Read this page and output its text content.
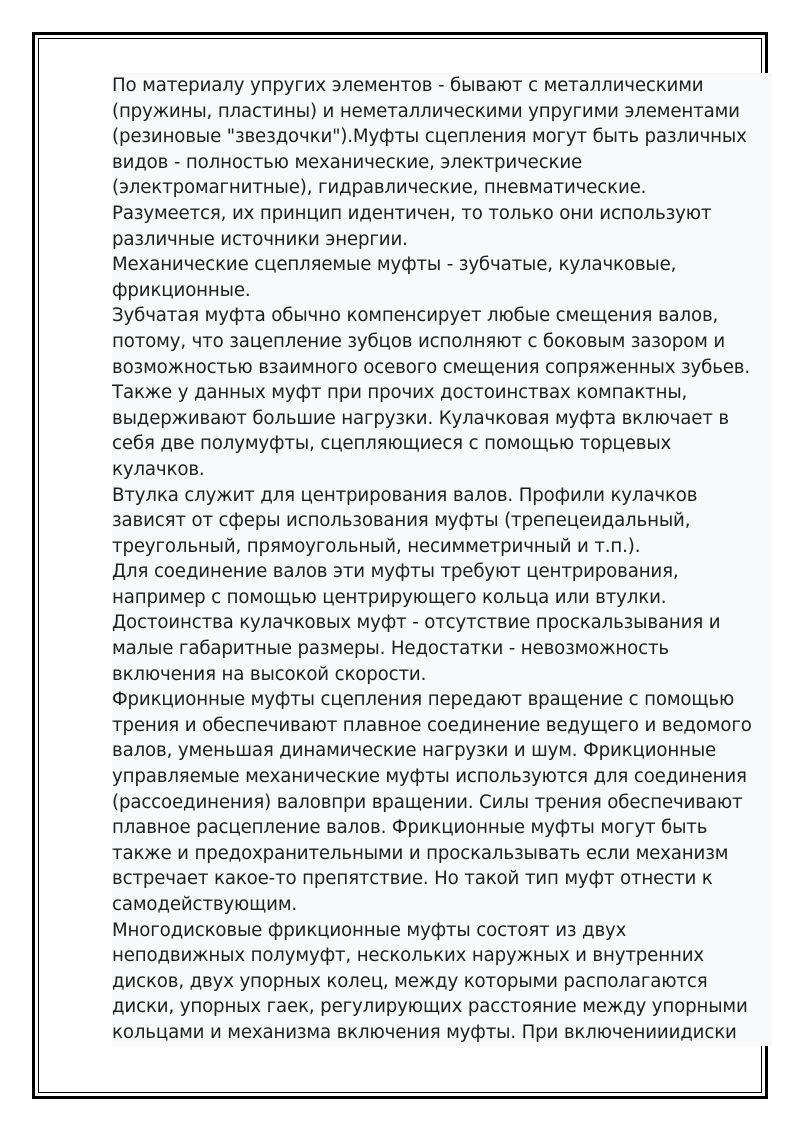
По материалу упругих элементов - бывают с металлическими
(пружины, пластины) и неметаллическими упругими элементами
(резиновые "звездочки").Муфты сцепления могут быть различных
видов - полностью механические, электрические
(электромагнитные), гидравлические, пневматические.
Разумеется, их принцип идентичен, то только они используют
различные источники энергии.

Механические сцепляемые муфты - зубчатые, кулачковые,
фрикционные.

Зубчатая муфта обычно компенсирует любые смещения валов,
потому, что зацепление зубцов исполняют с боковым зазором и
возможностью взаимного осевого смещения сопряженных зубьев.
Также у данных муфт при прочих достоинствах компактны,
выдерживают большие нагрузки. Кулачковая муфта включает в
себя две полумуфты, сцепляющиеся с помощью торцевых
кулачков.

Втулка служит для центрирования валов. Профили кулачков
зависят от сферы использования муфты (трепецеидальный,
треугольный, прямоугольный, несимметричный и т.п.).

Для соединение валов эти муфты требуют центрирования,
например с помощью центрирующего кольца или втулки.
Достоинства кулачковых муфт - отсутствие проскальзывания и
малые габаритные размеры. Недостатки - невозможность
включения на высокой скорости.

Фрикционные муфты сцепления передают вращение с помощью
трения и обеспечивают плавное соединение ведущего и ведомого
валов, уменьшая динамические нагрузки и шум. Фрикционные
управляемые механические муфты используются для соединения
(рассоединения) валовпри вращении. Силы трения обеспечивают
плавное расцепление валов. Фрикционные муфты могут быть
также и предохранительными и проскальзывать если механизм
встречает какое-то препятствие. Но такой тип муфт отнести к
самодействующим.

Многодисковые фрикционные муфты состоят из двух
неподвижных полумуфт, нескольких наружных и внутренних
дисков, двух упорных колец, между которыми располагаются
диски, упорных гаек, регулирующих расстояние между упорными
кольцами и механизма включения муфты. При включенииидиски
